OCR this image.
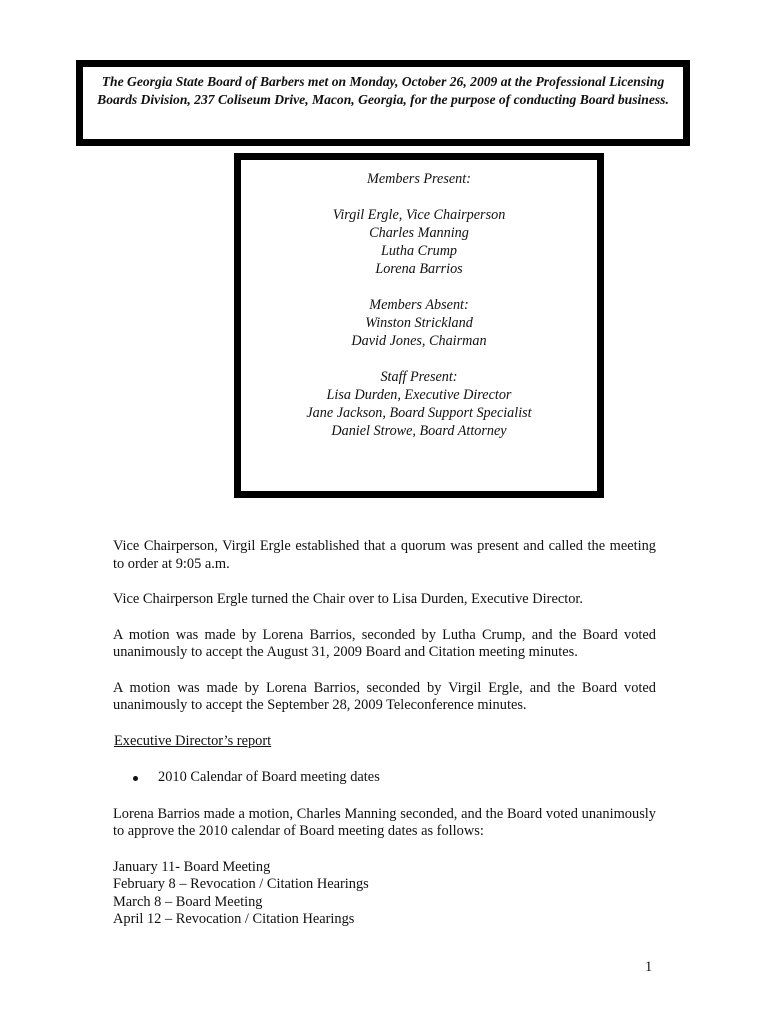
The Georgia State Board of Barbers met on Monday, October 26, 2009 at the Professional Licensing Boards Division, 237 Coliseum Drive, Macon, Georgia, for the purpose of conducting Board business.

Members Present:
Virgil Ergle, Vice Chairperson
Charles Manning
Lutha Crump
Lorena Barrios
Members Absent:
Winston Strickland
David Jones, Chairman
Staff Present:
Lisa Durden, Executive Director
Jane Jackson, Board Support Specialist
Daniel Strowe, Board Attorney

Vice Chairperson, Virgil Ergle established that a quorum was present and called the meeting to order at 9:05 a.m.

Vice Chairperson Ergle turned the Chair over to Lisa Durden, Executive Director.

A motion was made by Lorena Barrios, seconded by Lutha Crump, and the Board voted unanimously to accept the August 31, 2009 Board and Citation meeting minutes.

A motion was made by Lorena Barrios, seconded by Virgil Ergle, and the Board voted unanimously to accept the September 28, 2009 Teleconference minutes.

Executive Director’s report

2010 Calendar of Board meeting dates

Lorena Barrios made a motion, Charles Manning seconded, and the Board voted unanimously to approve the 2010 calendar of Board meeting dates as follows:

January 11- Board Meeting
February 8 – Revocation / Citation Hearings
March 8 – Board Meeting
April 12 – Revocation / Citation Hearings
1
